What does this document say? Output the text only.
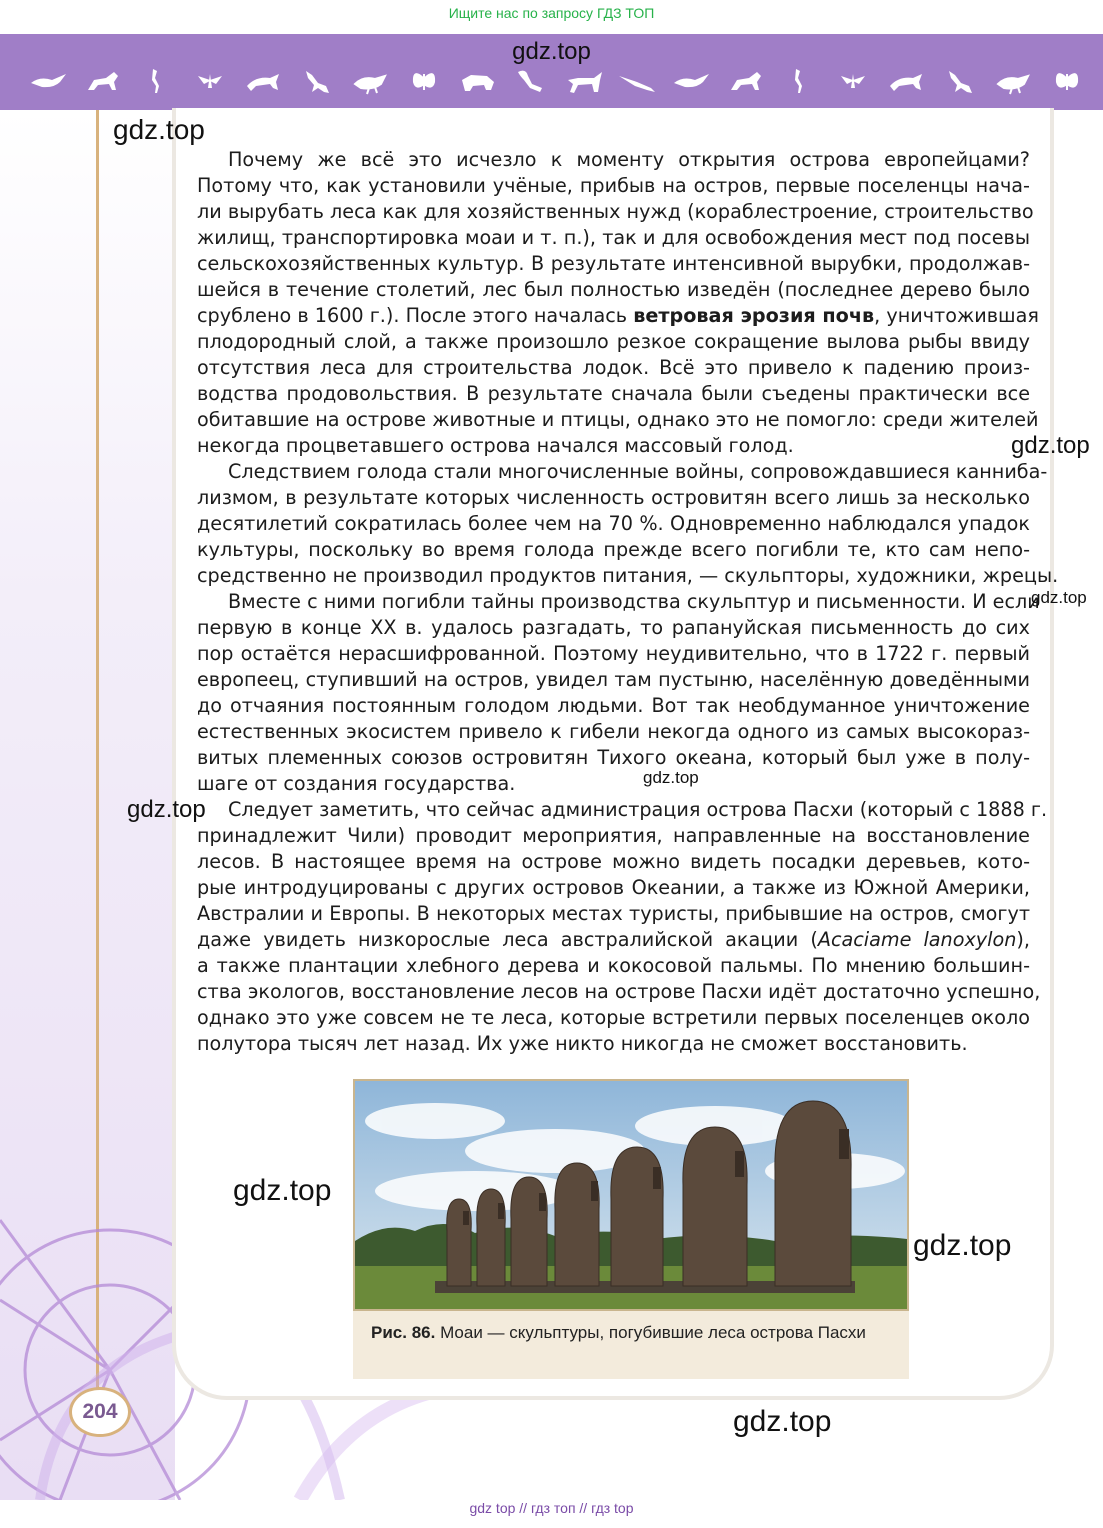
Ищите нас по запросу ГДЗ ТОП
gdz.top
Почему же всё это исчезло к моменту открытия острова европейцами?
Потому что, как установили учёные, прибыв на остров, первые поселенцы нача-
ли вырубать леса как для хозяйственных нужд (кораблестроение, строительство
жилищ, транспортировка моаи и т. п.), так и для освобождения мест под посевы
сельскохозяйственных культур. В результате интенсивной вырубки, продолжав-
шейся в течение столетий, лес был полностью изведён (последнее дерево было
срублено в 1600 г.). После этого началась ветровая эрозия почв, уничтожившая
плодородный слой, а также произошло резкое сокращение вылова рыбы ввиду
отсутствия леса для строительства лодок. Всё это привело к падению произ-
водства продовольствия. В результате сначала были съедены практически все
обитавшие на острове животные и птицы, однако это не помогло: среди жителей
некогда процветавшего острова начался массовый голод.
Следствием голода стали многочисленные войны, сопровождавшиеся каннибa-
лизмом, в результате которых численность островитян всего лишь за несколько
десятилетий сократилась более чем на 70 %. Одновременно наблюдался упадок
культуры, поскольку во время голода прежде всего погибли те, кто сам непо-
средственно не производил продуктов питания, — скульпторы, художники, жрецы.
Вместе с ними погибли тайны производства скульптур и письменности. И если
первую в конце XX в. удалось разгадать, то рапануйская письменность до сих
пор остаётся нерасшифрованной. Поэтому неудивительно, что в 1722 г. первый
европеец, ступивший на остров, увидел там пустыню, населённую доведёнными
до отчаяния постоянным голодом людьми. Вот так необдуманное уничтожение
естественных экосистем привело к гибели некогда одного из самых высокораз-
витых племенных союзов островитян Тихого океана, который был уже в полу-
шаге от создания государства.
Следует заметить, что сейчас администрация острова Пасхи (который с 1888 г.
принадлежит Чили) проводит мероприятия, направленные на восстановление
лесов. В настоящее время на острове можно видеть посадки деревьев, кото-
рые интродуцированы с других островов Океании, а также из Южной Америки,
Австралии и Европы. В некоторых местах туристы, прибывшие на остров, смогут
даже увидеть низкорослые леса австралийской акации (Acaciame lanoxylon),
а также плантации хлебного дерева и кокосовой пальмы. По мнению большин-
ства экологов, восстановление лесов на острове Пасхи идёт достаточно успешно,
однако это уже совсем не те леса, которые встретили первых поселенцев около
полутора тысяч лет назад. Их уже никто никогда не сможет восстановить.
Рис. 86. Моаи — скульптуры, погубившие леса острова Пасхи
204
gdz.top
gdz.top
gdz.top
gdz.top
gdz.top
gdz.top
gdz.top
gdz.top
gdz top // гдз топ // гдз top
